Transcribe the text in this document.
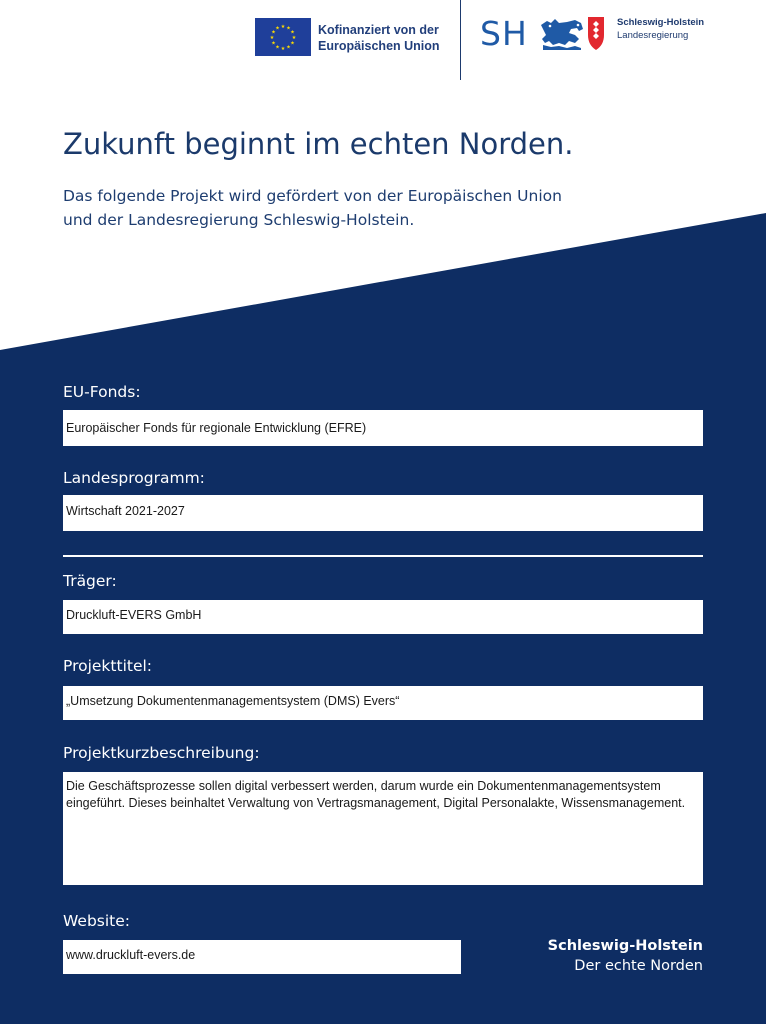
★ ★
★
★
★
★
★
★
★
★
★
★	Kofinanziert von der
Europäischen Union SH	Schleswig-Holstein
Landesregierung
Zukunft beginnt im echten Norden.
Das folgende Projekt wird gefördert von der Europäischen Union
und der Landesregierung Schleswig-Holstein.
EU-Fonds:
Europäischer Fonds für regionale Entwicklung (EFRE)
Landesprogramm:
Wirtschaft 2021-2027
Träger:
Druckluft-EVERS GmbH
Projekttitel:
„Umsetzung Dokumentenmanagementsystem (DMS) Evers“
Projektkurzbeschreibung:
Die Geschäftsprozesse sollen digital verbessert werden, darum wurde ein Dokumentenmanagementsystem eingeführt. Dieses beinhaltet Verwaltung von Vertragsmanagement, Digital Personalakte, Wissensmanagement.
Website:
www.druckluft-evers.de
Schleswig-Holstein
Der echte Norden
